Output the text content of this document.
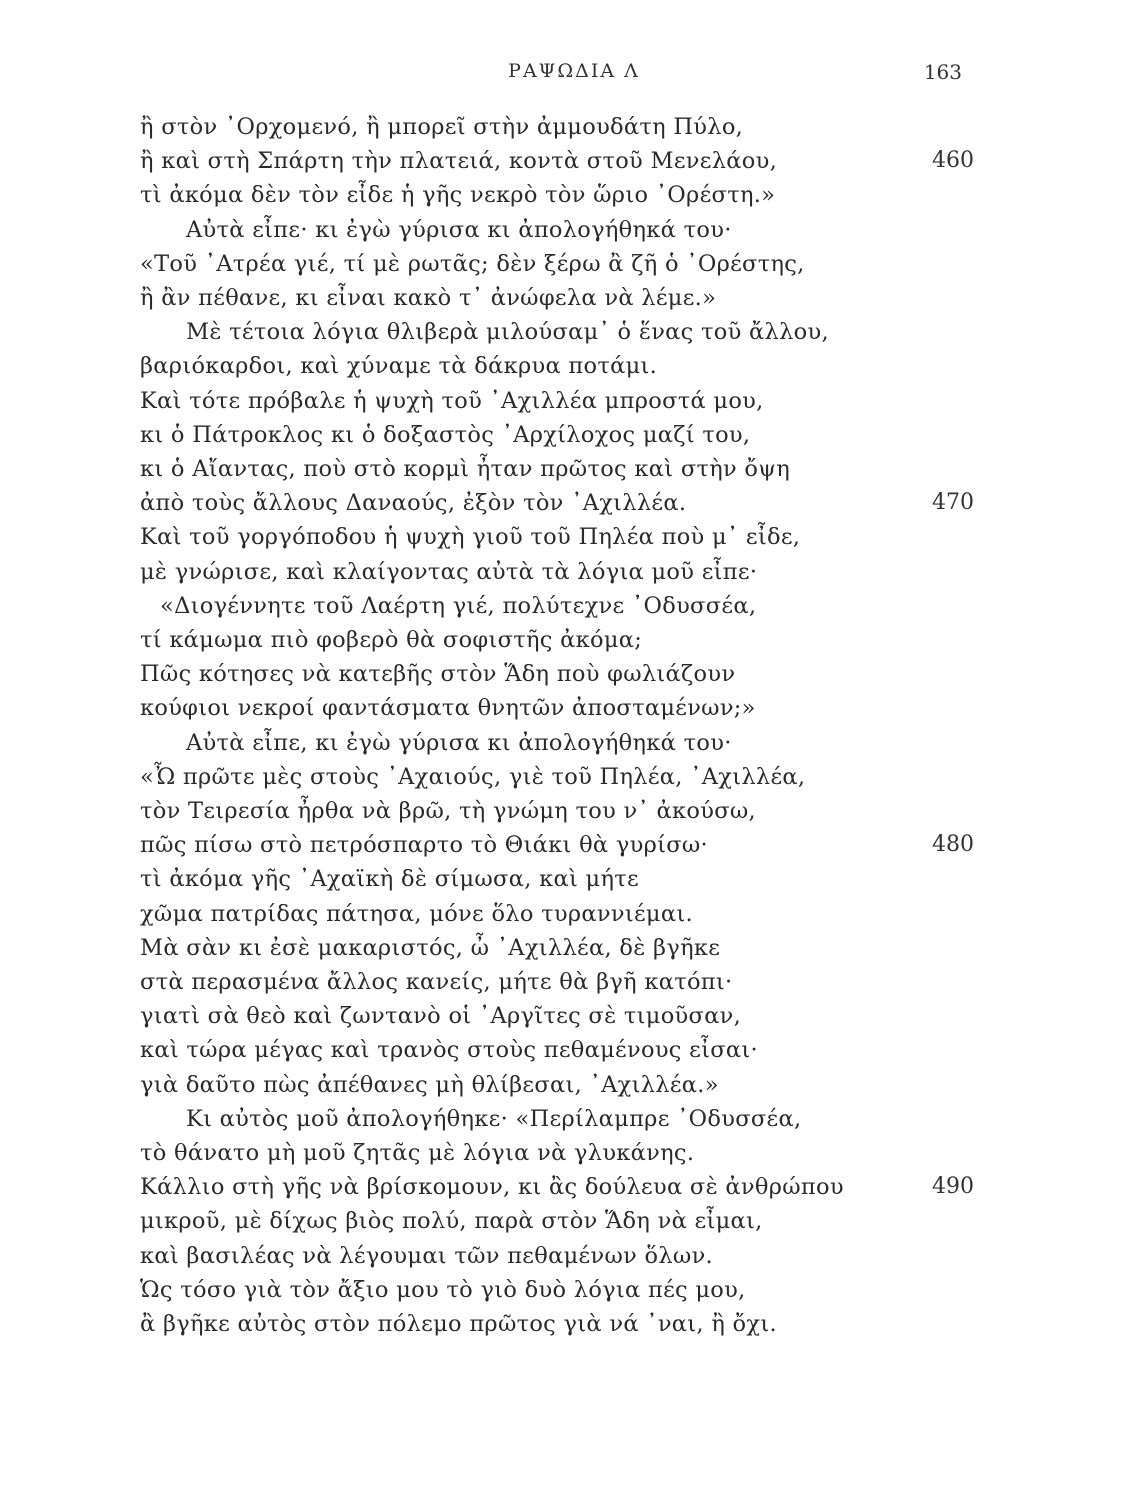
ΡΑΨΩΔΙΑ Λ	163
ἢ στὸν ᾿Ορχομενό, ἢ μπορεῖ στὴν ἀμμουδάτη Πύλο,
ἢ καὶ στὴ Σπάρτη τὴν πλατειά, κοντὰ στοῦ Μενελάου,	460
τὶ ἀκόμα δὲν τὸν εἶδε ἡ γῆς νεκρὸ τὸν ὥριο ᾿Ορέστη.»
Αὐτὰ εἶπε· κι ἐγὼ γύρισα κι ἀπολογήθηκά του·
«Τοῦ ᾿Ατρέα γιέ, τί μὲ ρωτᾶς; δὲν ξέρω ἂ ζῆ ὁ ᾿Ορέστης,
ἢ ἂν πέθανε, κι εἶναι κακὸ τ᾿ ἀνώφελα νὰ λέμε.»
Μὲ τέτοια λόγια θλιβερὰ μιλούσαμ᾿ ὁ ἕνας τοῦ ἄλλου,
βαριόκαρδοι, καὶ χύναμε τὰ δάκρυα ποτάμι.
Καὶ τότε πρόβαλε ἡ ψυχὴ τοῦ ᾿Αχιλλέα μπροστά μου,
κι ὁ Πάτροκλος κι ὁ δοξαστὸς ᾿Αρχίλοχος μαζί του,
κι ὁ Αἴαντας, ποὺ στὸ κορμὶ ἦταν πρῶτος καὶ στὴν ὄψη
ἀπὸ τοὺς ἄλλους Δαναούς, ἐξὸν τὸν ᾿Αχιλλέα.	470
Καὶ τοῦ γοργόποδου ἡ ψυχὴ γιοῦ τοῦ Πηλέα ποὺ μ᾿ εἶδε,
μὲ γνώρισε, καὶ κλαίγοντας αὐτὰ τὰ λόγια μοῦ εἶπε·
«Διογέννητε τοῦ Λαέρτη γιέ, πολύτεχνε ᾿Οδυσσέα,
τί κάμωμα πιὸ φοβερὸ θὰ σοφιστῆς ἀκόμα;
Πῶς κότησες νὰ κατεβῆς στὸν Ἅδη ποὺ φωλιάζουν
κούφιοι νεκροί φαντάσματα θνητῶν ἀποσταμένων;»
Αὐτὰ εἶπε, κι ἐγὼ γύρισα κι ἀπολογήθηκά του·
«Ὦ πρῶτε μὲς στοὺς ᾿Αχαιούς, γιὲ τοῦ Πηλέα, ᾿Αχιλλέα,
τὸν Τειρεσία ἦρθα νὰ βρῶ, τὴ γνώμη του ν᾿ ἀκούσω,
πῶς πίσω στὸ πετρόσπαρτο τὸ Θιάκι θὰ γυρίσω·	480
τὶ ἀκόμα γῆς ᾿Αχαϊκὴ δὲ σίμωσα, καὶ μήτε
χῶμα πατρίδας πάτησα, μόνε ὅλο τυραννιέμαι.
Μὰ σὰν κι ἐσὲ μακαριστός, ὦ ᾿Αχιλλέα, δὲ βγῆκε
στὰ περασμένα ἄλλος κανείς, μήτε θὰ βγῆ κατόπι·
γιατὶ σὰ θεὸ καὶ ζωντανὸ οἱ ᾿Αργῖτες σὲ τιμοῦσαν,
καὶ τώρα μέγας καὶ τρανὸς στοὺς πεθαμένους εἶσαι·
γιὰ δαῦτο πὼς ἀπέθανες μὴ θλίβεσαι, ᾿Αχιλλέα.»
Κι αὐτὸς μοῦ ἀπολογήθηκε· «Περίλαμπρε ᾿Οδυσσέα,
τὸ θάνατο μὴ μοῦ ζητᾶς μὲ λόγια νὰ γλυκάνης.
Κάλλιο στὴ γῆς νὰ βρίσκομουν, κι ἂς δούλευα σὲ ἀνθρώπου	490
μικροῦ, μὲ δίχως βιὸς πολύ, παρὰ στὸν Ἅδη νὰ εἶμαι,
καὶ βασιλέας νὰ λέγουμαι τῶν πεθαμένων ὅλων.
Ὡς τόσο γιὰ τὸν ἄξιο μου τὸ γιὸ δυὸ λόγια πές μου,
ἂ βγῆκε αὐτὸς στὸν πόλεμο πρῶτος γιὰ νά ᾿ναι, ἢ ὄχι.
